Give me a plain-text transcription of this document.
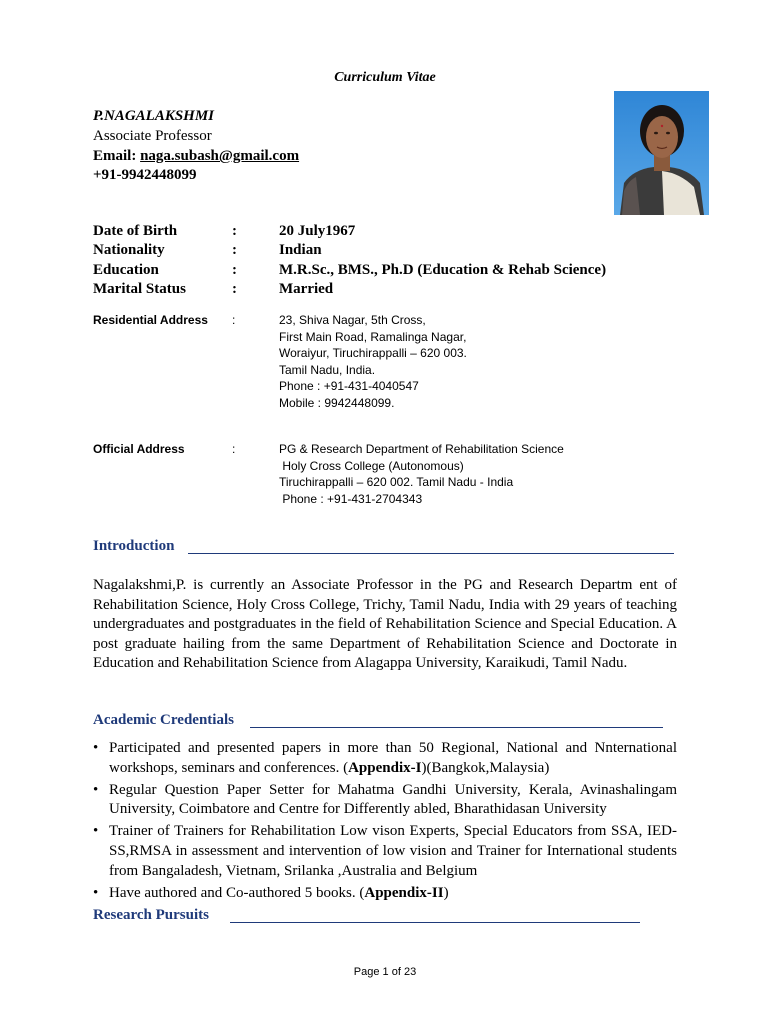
Curriculum Vitae
P.NAGALAKSHMI
Associate Professor
Email: naga.subash@gmail.com
+91-9942448099
Date of Birth	:	20 July1967
Nationality	:	Indian
Education	:	M.R.Sc., BMS., Ph.D (Education & Rehab Science)
Marital Status	:	Married
Residential Address :	23, Shiva Nagar, 5th Cross,
First Main Road, Ramalinga Nagar,
Woraiyur, Tiruchirappalli – 620 003.
Tamil Nadu, India.
Phone : +91-431-4040547
Mobile : 9942448099.
Official Address	:	PG & Research Department of Rehabilitation Science
Holy Cross College (Autonomous)
Tiruchirappalli – 620 002. Tamil Nadu - India
Phone : +91-431-2704343
Introduction
Nagalakshmi,P. is currently an Associate Professor in the PG and Research Departm ent of Rehabilitation Science, Holy Cross College, Trichy, Tamil Nadu, India with 29 years of teaching undergraduates and postgraduates in the field of Rehabilitation Science and Special Education. A post graduate hailing from the same Department of Rehabilitation Science and Doctorate in Education and Rehabilitation Science from Alagappa University, Karaikudi, Tamil Nadu.
Academic Credentials
• Participated and presented papers in more than 50 Regional, National and Nnternational workshops, seminars and conferences. (Appendix-I)(Bangkok,Malaysia)
• Regular Question Paper Setter for Mahatma Gandhi University, Kerala, Avinashalingam University, Coimbatore and Centre for Differently abled, Bharathidasan University
• Trainer of Trainers for Rehabilitation Low vison Experts, Special Educators from SSA, IED-SS,RMSA in assessment and intervention of low vision and Trainer for International students from Bangaladesh, Vietnam, Srilanka ,Australia and Belgium
• Have authored and Co-authored 5 books. (Appendix-II)
Research Pursuits
Page 1 of 23
